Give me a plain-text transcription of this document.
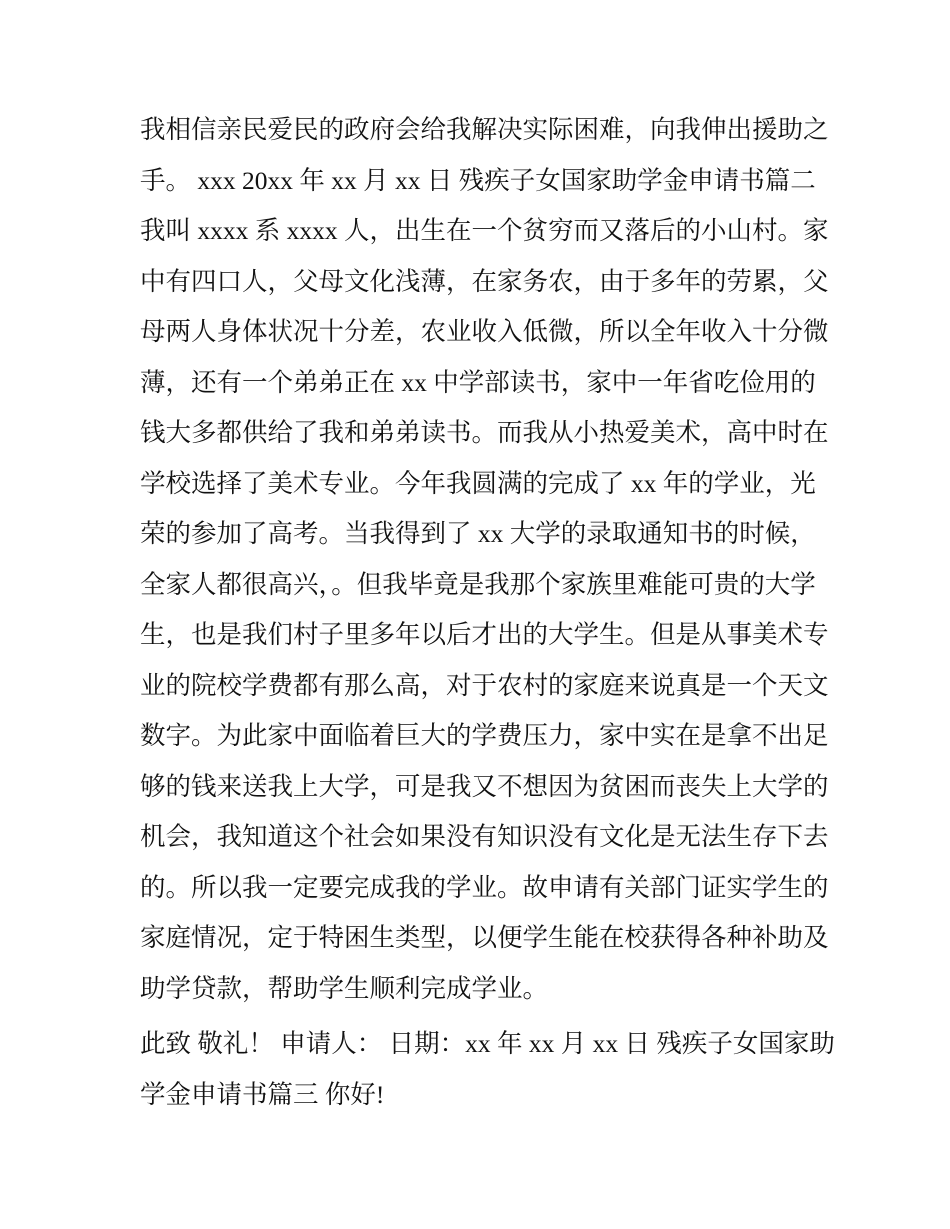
我相信亲民爱民的政府会给我解决实际困难，向我伸出援助之
手。 xxx 20xx 年 xx 月 xx 日 残疾子女国家助学金申请书篇二
我叫 xxxx 系 xxxx 人，出生在一个贫穷而又落后的小山村。家
中有四口人，父母文化浅薄，在家务农，由于多年的劳累，父
母两人身体状况十分差，农业收入低微，所以全年收入十分微
薄，还有一个弟弟正在 xx 中学部读书，家中一年省吃俭用的
钱大多都供给了我和弟弟读书。而我从小热爱美术，高中时在
学校选择了美术专业。今年我圆满的完成了 xx 年的学业，光
荣的参加了高考。当我得到了 xx 大学的录取通知书的时候，
全家人都很高兴，。但我毕竟是我那个家族里难能可贵的大学
生，也是我们村子里多年以后才出的大学生。但是从事美术专
业的院校学费都有那么高，对于农村的家庭来说真是一个天文
数字。为此家中面临着巨大的学费压力，家中实在是拿不出足
够的钱来送我上大学，可是我又不想因为贫困而丧失上大学的
机会，我知道这个社会如果没有知识没有文化是无法生存下去
的。所以我一定要完成我的学业。故申请有关部门证实学生的
家庭情况，定于特困生类型，以便学生能在校获得各种补助及
助学贷款，帮助学生顺利完成学业。
此致 敬礼！ 申请人： 日期：xx 年 xx 月 xx 日 残疾子女国家助
学金申请书篇三 你好!
